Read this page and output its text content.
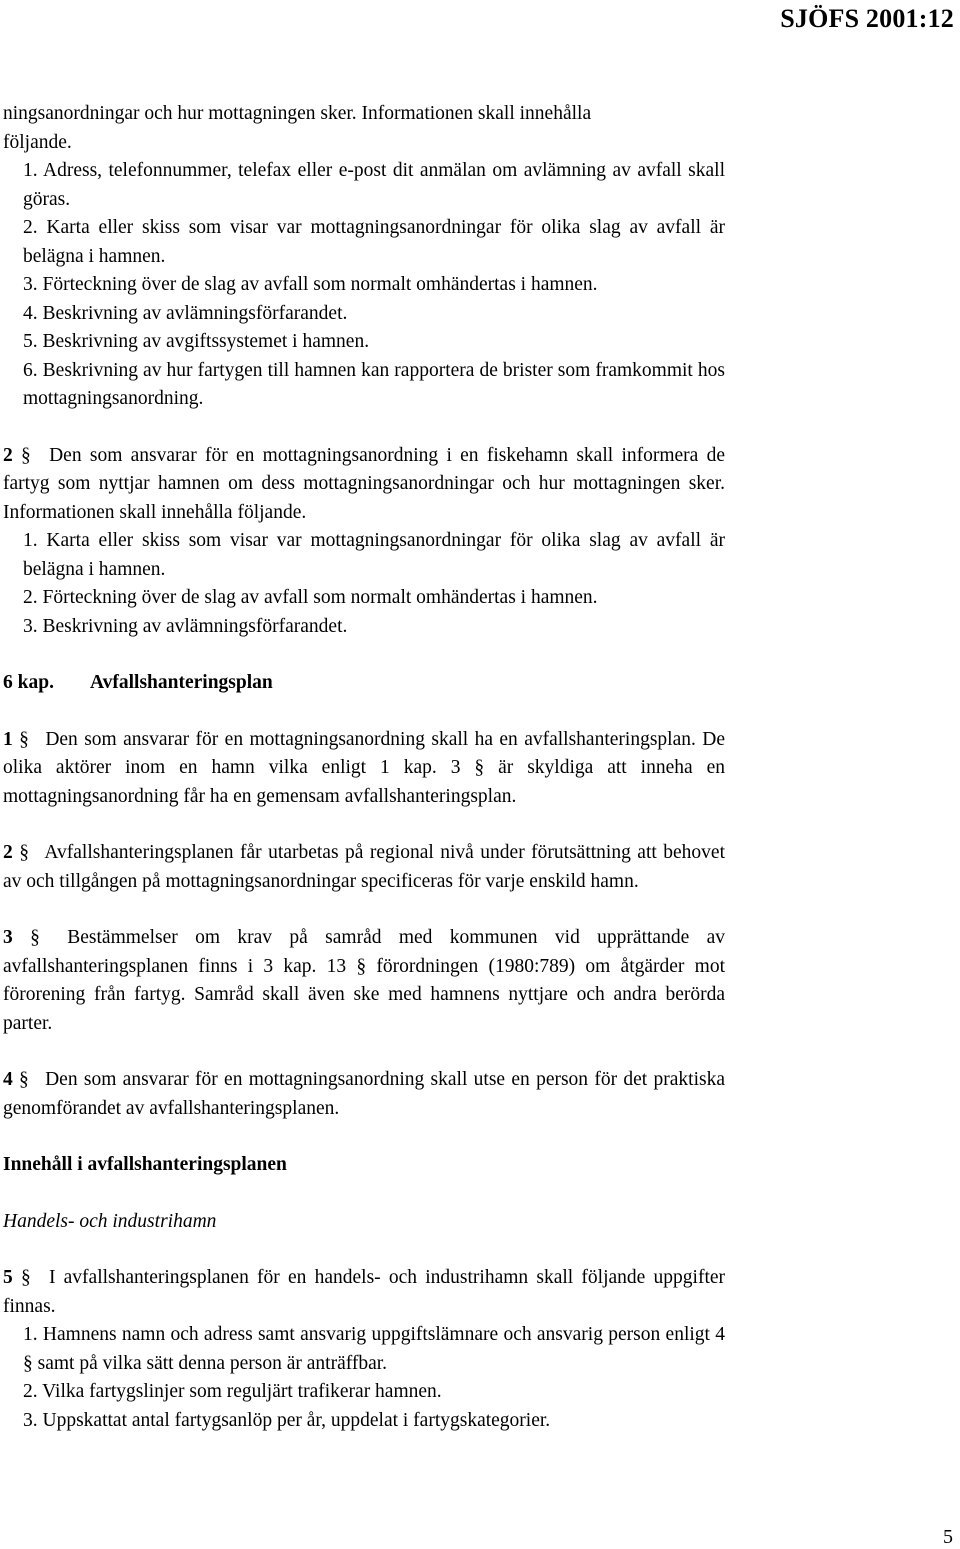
SJÖFS 2001:12

ningsanordningar och hur mottagningen sker. Informationen skall innehålla

följande.

1. Adress, telefonnummer, telefax eller e-post dit anmälan om avlämning av avfall skall göras.

2. Karta eller skiss som visar var mottagningsanordningar för olika slag av avfall är belägna i hamnen.

3. Förteckning över de slag av avfall som normalt omhändertas i hamnen.

4. Beskrivning av avlämningsförfarandet.

5. Beskrivning av avgiftssystemet i hamnen.

6. Beskrivning av hur fartygen till hamnen kan rapportera de brister som framkommit hos mottagningsanordning.

2 § Den som ansvarar för en mottagningsanordning i en fiskehamn skall informera de fartyg som nyttjar hamnen om dess mottagningsanordningar och hur mottagningen sker. Informationen skall innehålla följande.

1. Karta eller skiss som visar var mottagningsanordningar för olika slag av avfall är belägna i hamnen.

2. Förteckning över de slag av avfall som normalt omhändertas i hamnen.

3. Beskrivning av avlämningsförfarandet.

6 kap. Avfallshanteringsplan

1 § Den som ansvarar för en mottagningsanordning skall ha en avfallshanteringsplan. De olika aktörer inom en hamn vilka enligt 1 kap. 3 § är skyldiga att inneha en mottagningsanordning får ha en gemensam avfallshanteringsplan.

2 § Avfallshanteringsplanen får utarbetas på regional nivå under förutsättning att behovet av och tillgången på mottagningsanordningar specificeras för varje enskild hamn.

3 § Bestämmelser om krav på samråd med kommunen vid upprättande av avfallshanteringsplanen finns i 3 kap. 13 § förordningen (1980:789) om åtgärder mot förorening från fartyg. Samråd skall även ske med hamnens nyttjare och andra berörda parter.

4 § Den som ansvarar för en mottagningsanordning skall utse en person för det praktiska genomförandet av avfallshanteringsplanen.

Innehåll i avfallshanteringsplanen

Handels- och industrihamn

5 § I avfallshanteringsplanen för en handels- och industrihamn skall följande uppgifter finnas.

1. Hamnens namn och adress samt ansvarig uppgiftslämnare och ansvarig person enligt 4 § samt på vilka sätt denna person är anträffbar.

2. Vilka fartygslinjer som reguljärt trafikerar hamnen.

3. Uppskattat antal fartygsanlöp per år, uppdelat i fartygskategorier.

5
